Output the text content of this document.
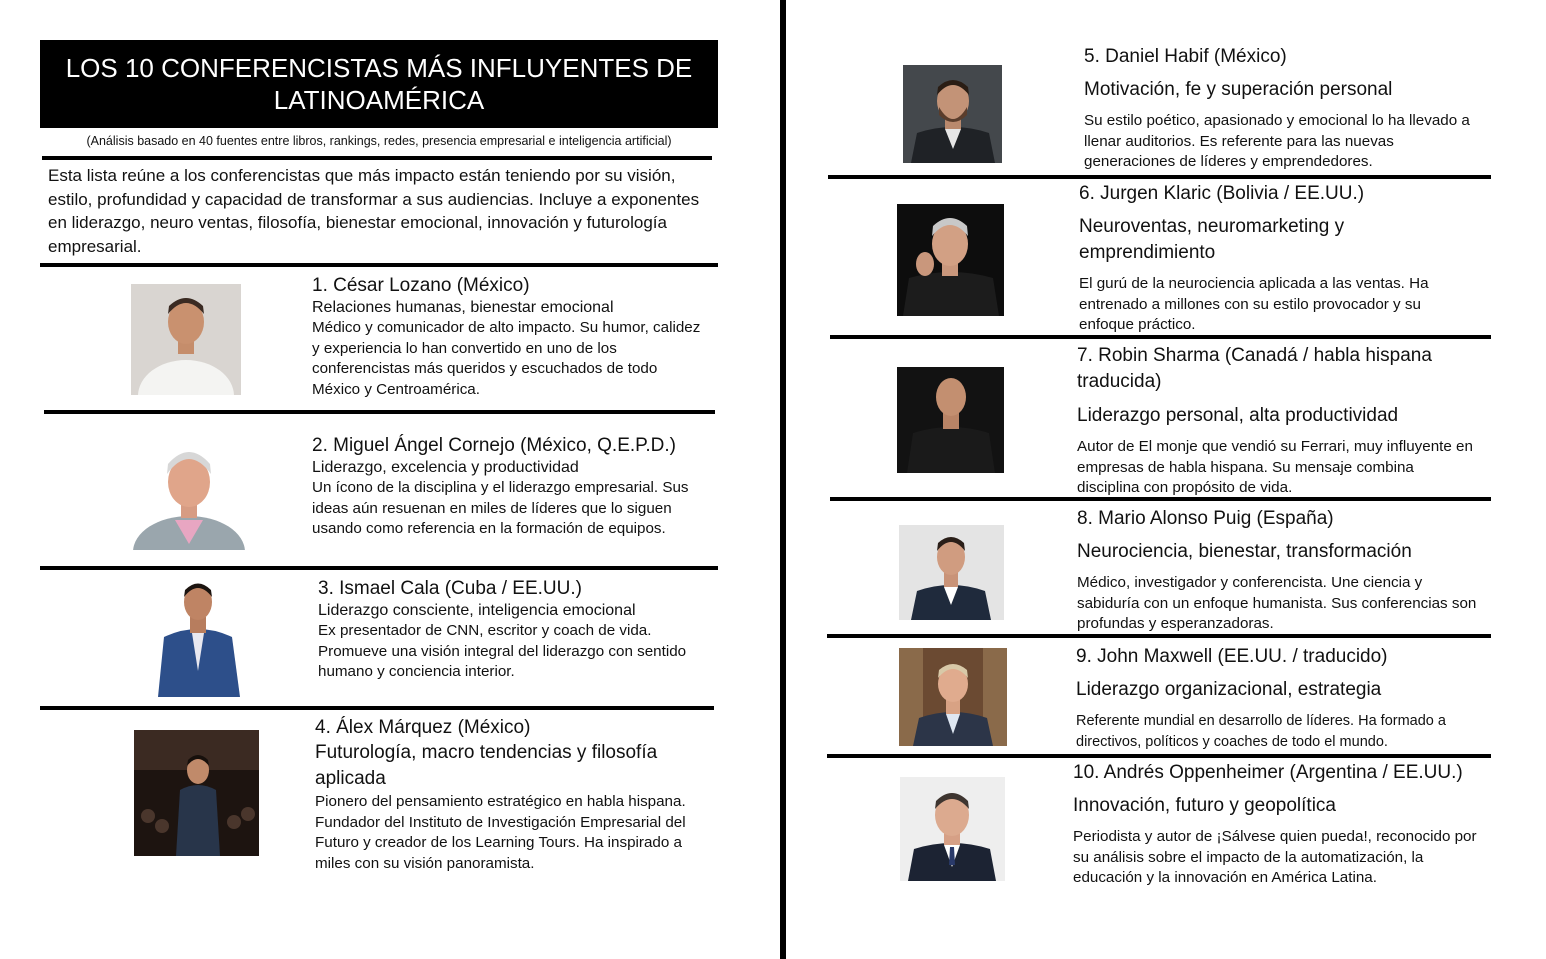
LOS 10 CONFERENCISTAS MÁS INFLUYENTES DE LATINOAMÉRICA
(Análisis basado en 40 fuentes entre libros, rankings, redes, presencia empresarial e inteligencia artificial)
Esta lista reúne a los conferencistas que más impacto están teniendo por su visión, estilo, profundidad y capacidad de transformar a sus audiencias. Incluye a exponentes en liderazgo, neuro ventas, filosofía, bienestar emocional, innovación y futurología empresarial.
1. César Lozano (México)
Relaciones humanas, bienestar emocional
Médico y comunicador de alto impacto. Su humor, calidez y experiencia lo han convertido en uno de los conferencistas más queridos y escuchados de todo México y Centroamérica.
2. Miguel Ángel Cornejo (México, Q.E.P.D.)
Liderazgo, excelencia y productividad
Un ícono de la disciplina y el liderazgo empresarial. Sus ideas aún resuenan en miles de líderes que lo siguen usando como referencia en la formación de equipos.
3. Ismael Cala (Cuba / EE.UU.)
Liderazgo consciente, inteligencia emocional
Ex presentador de CNN, escritor y coach de vida. Promueve una visión integral del liderazgo con sentido humano y conciencia interior.
4. Álex Márquez (México)
Futurología, macro tendencias y filosofía aplicada
Pionero del pensamiento estratégico en habla hispana. Fundador del Instituto de Investigación Empresarial del Futuro y creador de los Learning Tours. Ha inspirado a miles con su visión panoramista.
5. Daniel Habif (México)
Motivación, fe y superación personal
Su estilo poético, apasionado y emocional lo ha llevado a llenar auditorios. Es referente para las nuevas generaciones de líderes y emprendedores.
6. Jurgen Klaric (Bolivia / EE.UU.)
Neuroventas, neuromarketing y emprendimiento
El gurú de la neurociencia aplicada a las ventas. Ha entrenado a millones con su estilo provocador y su enfoque práctico.
7. Robin Sharma (Canadá / habla hispana traducida)
Liderazgo personal, alta productividad
Autor de El monje que vendió su Ferrari, muy influyente en empresas de habla hispana. Su mensaje combina disciplina con propósito de vida.
8. Mario Alonso Puig (España)
Neurociencia, bienestar, transformación
Médico, investigador y conferencista. Une ciencia y sabiduría con un enfoque humanista. Sus conferencias son profundas y esperanzadoras.
9. John Maxwell (EE.UU. / traducido)
Liderazgo organizacional, estrategia
Referente mundial en desarrollo de líderes. Ha formado a directivos, políticos y coaches de todo el mundo.
10. Andrés Oppenheimer (Argentina / EE.UU.)
Innovación, futuro y geopolítica
Periodista y autor de ¡Sálvese quien pueda!, reconocido por su análisis sobre el impacto de la automatización, la educación y la innovación en América Latina.
